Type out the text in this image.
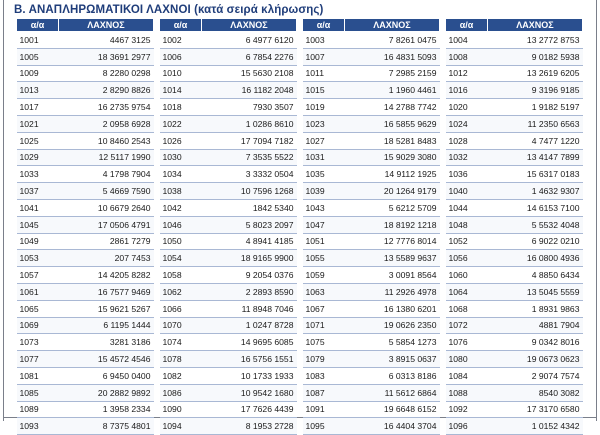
Β. ΑΝΑΠΛΗΡΩΜΑΤΙΚΟΙ ΛΑΧΝΟΙ (κατά σειρά κλήρωσης)
α/α	ΛΑΧΝΟΣ
1001	4467 3125
1005	18 3691 2977
1009	8 2280 0298
1013	2 8290 8826
1017	16 2735 9754
1021	2 0958 6928
1025	10 8460 2543
1029	12 5117 1990
1033	4 1798 7904
1037	5 4669 7590
1041	10 6679 2640
1045	17 0506 4791
1049	2861 7279
1053	207 7453
1057	14 4205 8282
1061	16 7577 9469
1065	15 9621 5267
1069	6 1195 1444
1073	3281 3186
1077	15 4572 4546
1081	6 9450 0400
1085	20 2882 9892
1089	1 3958 2334
1093	8 7375 4801
α/α	ΛΑΧΝΟΣ
1002	6 4977 6120
1006	6 7854 2276
1010	15 5630 2108
1014	16 1182 2048
1018	7930 3507
1022	1 0286 8610
1026	17 7094 7182
1030	7 3535 5522
1034	3 3332 0504
1038	10 7596 1268
1042	1842 5340
1046	5 8023 2097
1050	4 8941 4185
1054	18 9165 9900
1058	9 2054 0376
1062	2 2893 8590
1066	11 8948 7046
1070	1 0247 8728
1074	14 9695 6085
1078	16 5756 1551
1082	10 1733 1933
1086	10 9542 1680
1090	17 7626 4439
1094	8 1953 2728
α/α	ΛΑΧΝΟΣ
1003	7 8261 0475
1007	16 4831 5093
1011	7 2985 2159
1015	1 1960 4461
1019	14 2788 7742
1023	16 5855 9629
1027	18 5281 8483
1031	15 9029 3080
1035	14 9112 1925
1039	20 1264 9179
1043	5 6212 5709
1047	18 8192 1218
1051	12 7776 8014
1055	13 5589 9637
1059	3 0091 8564
1063	11 2926 4978
1067	16 1380 6201
1071	19 0626 2350
1075	5 5854 1273
1079	3 8915 0637
1083	6 0313 8186
1087	11 5612 6864
1091	19 6648 6152
1095	16 4404 3704
α/α	ΛΑΧΝΟΣ
1004	13 2772 8753
1008	9 0182 5938
1012	13 2619 6205
1016	9 3196 9185
1020	1 9182 5197
1024	11 2350 6563
1028	4 7477 1220
1032	13 4147 7899
1036	15 6317 0183
1040	1 4632 9307
1044	14 6153 7100
1048	5 5532 4048
1052	6 9022 0210
1056	16 0800 4936
1060	4 8850 6434
1064	13 5045 5559
1068	1 8931 9863
1072	4881 7904
1076	9 0342 8016
1080	19 0673 0623
1084	2 9074 7574
1088	8540 3082
1092	17 3170 6580
1096	1 0152 4342
